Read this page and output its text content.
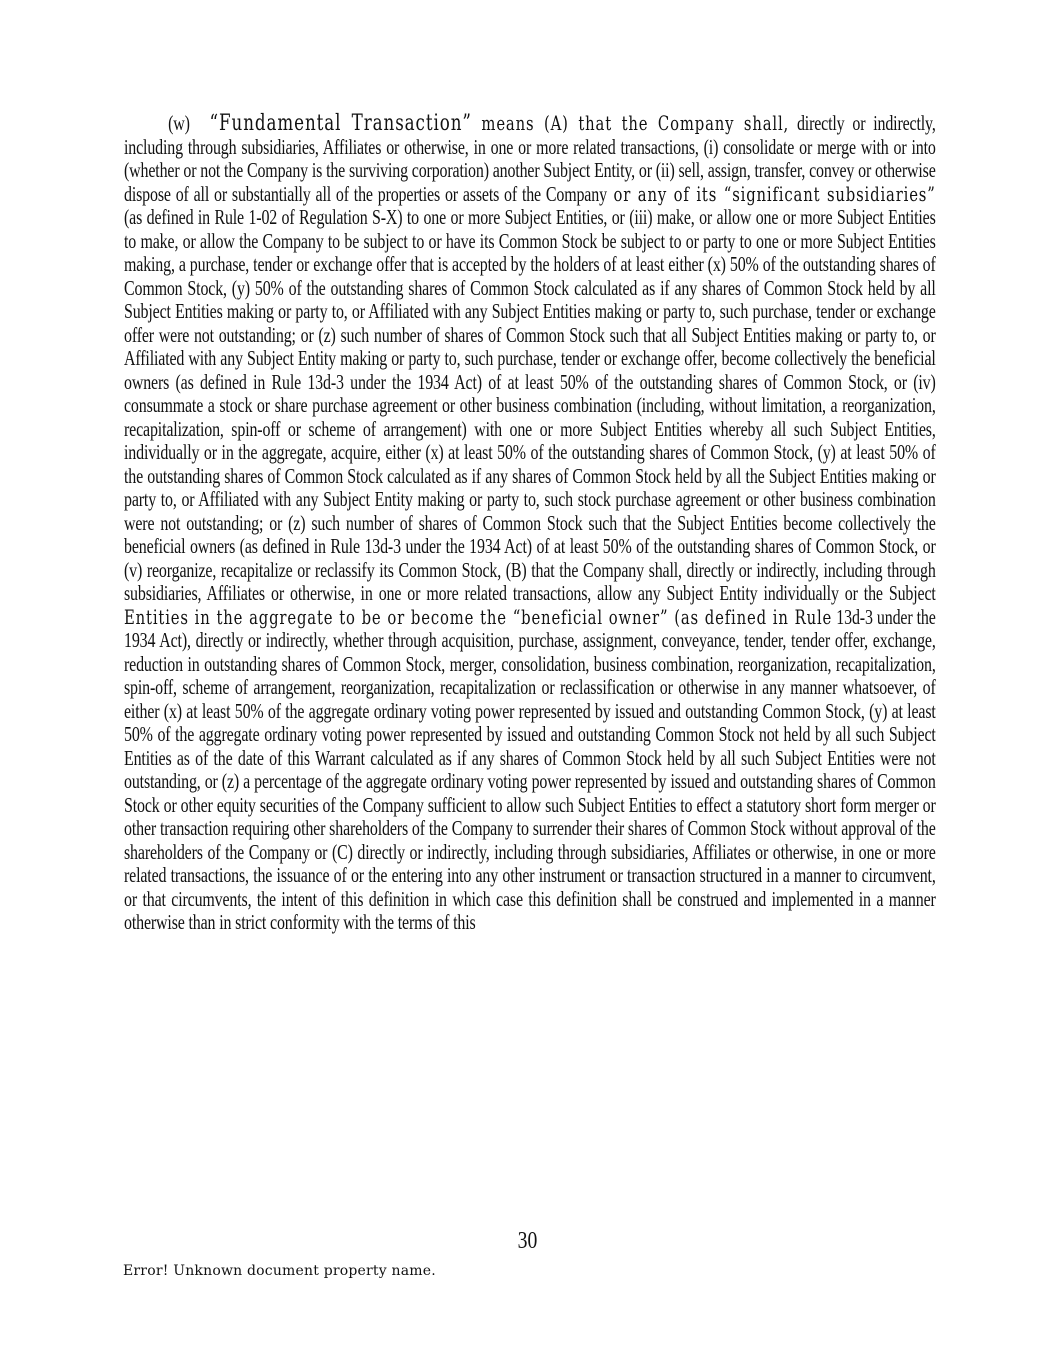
(w) “Fundamental Transaction” means (A) that the Company shall, directly or indirectly, including through subsidiaries, Affiliates or otherwise, in one or more related transactions, (i) consolidate or merge with or into (whether or not the Company is the surviving corporation) another Subject Entity, or (ii) sell, assign, transfer, convey or otherwise dispose of all or substantially all of the properties or assets of the Company or any of its “significant subsidiaries” (as defined in Rule 1-02 of Regulation S-X) to one or more Subject Entities, or (iii) make, or allow one or more Subject Entities to make, or allow the Company to be subject to or have its Common Stock be subject to or party to one or more Subject Entities making, a purchase, tender or exchange offer that is accepted by the holders of at least either (x) 50% of the outstanding shares of Common Stock, (y) 50% of the outstanding shares of Common Stock calculated as if any shares of Common Stock held by all Subject Entities making or party to, or Affiliated with any Subject Entities making or party to, such purchase, tender or exchange offer were not outstanding; or (z) such number of shares of Common Stock such that all Subject Entities making or party to, or Affiliated with any Subject Entity making or party to, such purchase, tender or exchange offer, become collectively the beneficial owners (as defined in Rule 13d-3 under the 1934 Act) of at least 50% of the outstanding shares of Common Stock, or (iv) consummate a stock or share purchase agreement or other business combination (including, without limitation, a reorganization, recapitalization, spin-off or scheme of arrangement) with one or more Subject Entities whereby all such Subject Entities, individually or in the aggregate, acquire, either (x) at least 50% of the outstanding shares of Common Stock, (y) at least 50% of the outstanding shares of Common Stock calculated as if any shares of Common Stock held by all the Subject Entities making or party to, or Affiliated with any Subject Entity making or party to, such stock purchase agreement or other business combination were not outstanding; or (z) such number of shares of Common Stock such that the Subject Entities become collectively the beneficial owners (as defined in Rule 13d-3 under the 1934 Act) of at least 50% of the outstanding shares of Common Stock, or (v) reorganize, recapitalize or reclassify its Common Stock, (B) that the Company shall, directly or indirectly, including through subsidiaries, Affiliates or otherwise, in one or more related transactions, allow any Subject Entity individually or the Subject Entities in the aggregate to be or become the “beneficial owner” (as defined in Rule 13d-3 under the 1934 Act), directly or indirectly, whether through acquisition, purchase, assignment, conveyance, tender, tender offer, exchange, reduction in outstanding shares of Common Stock, merger, consolidation, business combination, reorganization, recapitalization, spin-off, scheme of arrangement, reorganization, recapitalization or reclassification or otherwise in any manner whatsoever, of either (x) at least 50% of the aggregate ordinary voting power represented by issued and outstanding Common Stock, (y) at least 50% of the aggregate ordinary voting power represented by issued and outstanding Common Stock not held by all such Subject Entities as of the date of this Warrant calculated as if any shares of Common Stock held by all such Subject Entities were not outstanding, or (z) a percentage of the aggregate ordinary voting power represented by issued and outstanding shares of Common Stock or other equity securities of the Company sufficient to allow such Subject Entities to effect a statutory short form merger or other transaction requiring other shareholders of the Company to surrender their shares of Common Stock without approval of the shareholders of the Company or (C) directly or indirectly, including through subsidiaries, Affiliates or otherwise, in one or more related transactions, the issuance of or the entering into any other instrument or transaction structured in a manner to circumvent, or that circumvents, the intent of this definition in which case this definition shall be construed and implemented in a manner otherwise than in strict conformity with the terms of this

30
Error! Unknown document property name.
